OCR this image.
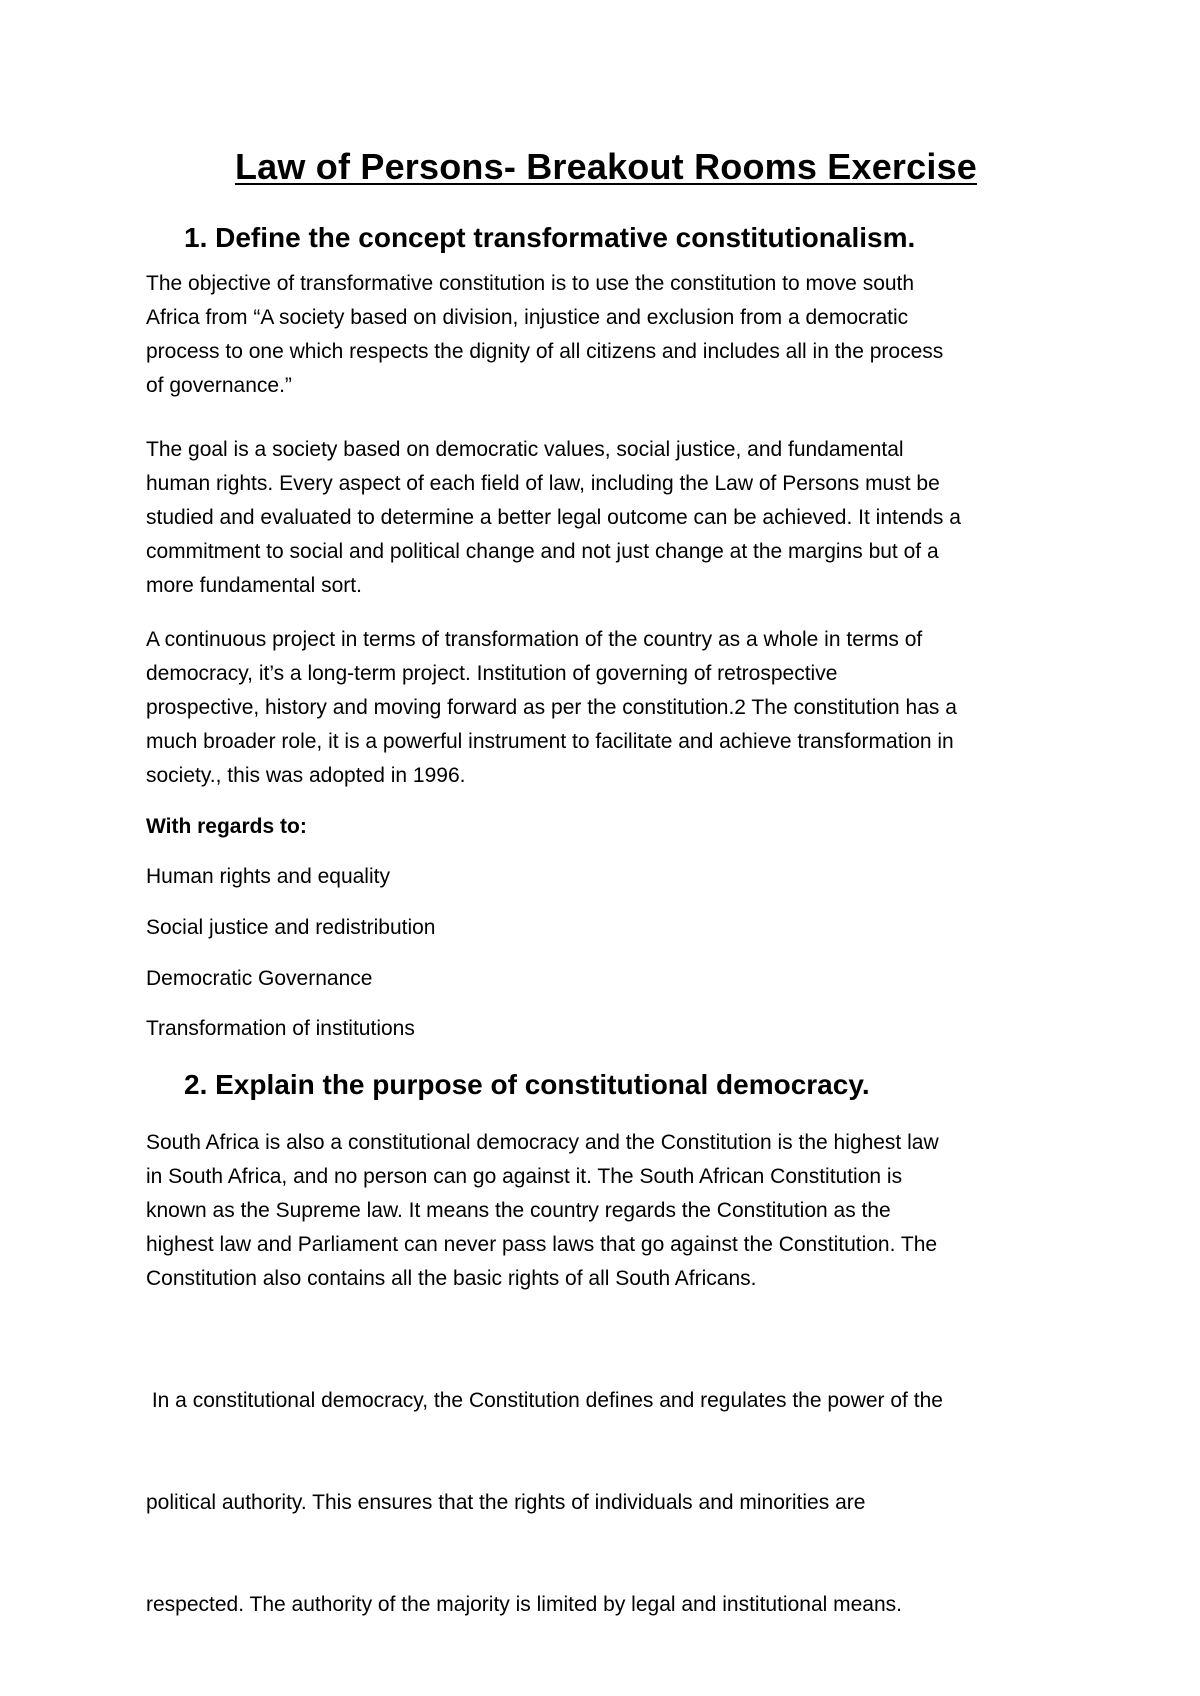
Law of Persons- Breakout Rooms Exercise
1. Define the concept transformative constitutionalism.

The objective of transformative constitution is to use the constitution to move south
Africa from “A society based on division, injustice and exclusion from a democratic
process to one which respects the dignity of all citizens and includes all in the process
of governance.”

The goal is a society based on democratic values, social justice, and fundamental
human rights. Every aspect of each field of law, including the Law of Persons must be
studied and evaluated to determine a better legal outcome can be achieved. It intends a
commitment to social and political change and not just change at the margins but of a
more fundamental sort.

A continuous project in terms of transformation of the country as a whole in terms of
democracy, it’s a long-term project. Institution of governing of retrospective
prospective, history and moving forward as per the constitution.2 The constitution has a
much broader role, it is a powerful instrument to facilitate and achieve transformation in
society., this was adopted in 1996.

With regards to:

Human rights and equality

Social justice and redistribution

Democratic Governance

Transformation of institutions

2. Explain the purpose of constitutional democracy.

South Africa is also a constitutional democracy and the Constitution is the highest law
in South Africa, and no person can go against it. The South African Constitution is
known as the Supreme law. It means the country regards the Constitution as the
highest law and Parliament can never pass laws that go against the Constitution. The
Constitution also contains all the basic rights of all South Africans.

In a constitutional democracy, the Constitution defines and regulates the power of the

political authority. This ensures that the rights of individuals and minorities are

respected. The authority of the majority is limited by legal and institutional means.
